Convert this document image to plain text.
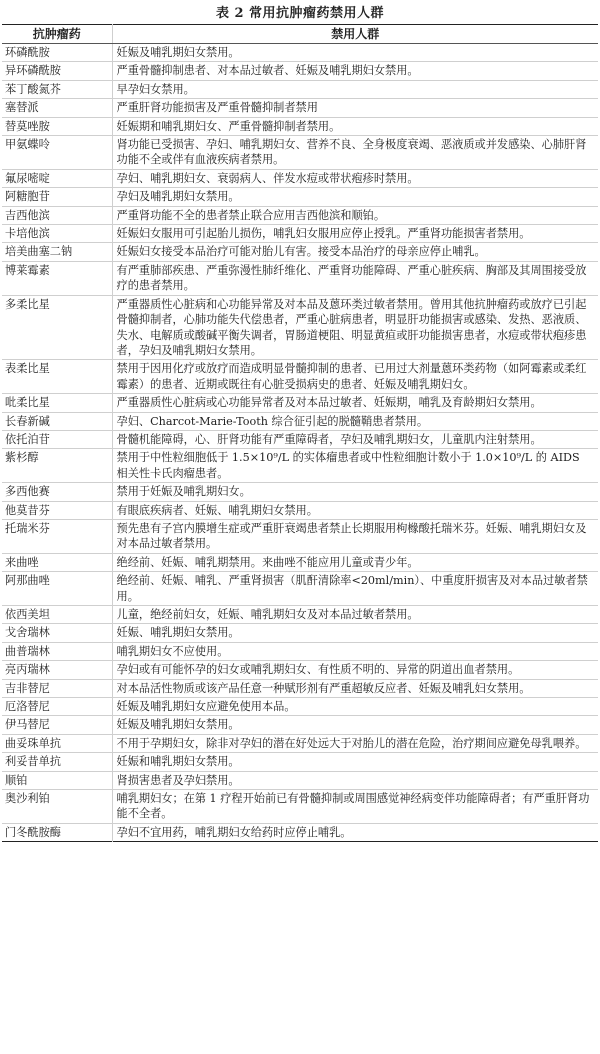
表 2 常用抗肿瘤药禁用人群
抗肿瘤药	禁用人群
环磷酰胺	妊娠及哺乳期妇女禁用。
异环磷酰胺	严重骨髓抑制患者、对本品过敏者、妊娠及哺乳期妇女禁用。
苯丁酸氮芥	早孕妇女禁用。
塞替派	严重肝肾功能损害及严重骨髓抑制者禁用
替莫唑胺	妊娠期和哺乳期妇女、严重骨髓抑制者禁用。
甲氨蝶呤	肾功能已受损害、孕妇、哺乳期妇女、营养不良、全身极度衰竭、恶液质或并发感染、心肺肝肾功能不全或伴有血液疾病者禁用。
氟尿嘧啶	孕妇、哺乳期妇女、衰弱病人、伴发水痘或带状疱疹时禁用。
阿糖胞苷	孕妇及哺乳期妇女禁用。
吉西他滨	严重肾功能不全的患者禁止联合应用吉西他滨和顺铂。
卡培他滨	妊娠妇女服用可引起胎儿损伤，哺乳妇女服用应停止授乳。严重肾功能损害者禁用。
培美曲塞二钠	妊娠妇女接受本品治疗可能对胎儿有害。接受本品治疗的母亲应停止哺乳。
博莱霉素	有严重肺部疾患、严重弥漫性肺纤维化、严重肾功能障碍、严重心脏疾病、胸部及其周围接受放疗的患者禁用。
多柔比星	严重器质性心脏病和心功能异常及对本品及蒽环类过敏者禁用。曾用其他抗肿瘤药或放疗已引起骨髓抑制者，心肺功能失代偿患者，严重心脏病患者，明显肝功能损害或感染、发热、恶液质、失水、电解质或酸碱平衡失调者，胃肠道梗阻、明显黄疸或肝功能损害患者，水痘或带状疱疹患者，孕妇及哺乳期妇女禁用。
表柔比星	禁用于因用化疗或放疗而造成明显骨髓抑制的患者、已用过大剂量蒽环类药物（如阿霉素或柔红霉素）的患者、近期或既往有心脏受损病史的患者、妊娠及哺乳期妇女。
吡柔比星	严重器质性心脏病或心功能异常者及对本品过敏者、妊娠期，哺乳及育龄期妇女禁用。
长春新碱	孕妇、Charcot-Marie-Tooth 综合征引起的脱髓鞘患者禁用。
依托泊苷	骨髓机能障碍，心、肝肾功能有严重障碍者，孕妇及哺乳期妇女，儿童肌内注射禁用。
紫杉醇	禁用于中性粒细胞低于 1.5×10⁹/L 的实体瘤患者或中性粒细胞计数小于 1.0×10⁹/L 的 AIDS 相关性卡氏肉瘤患者。
多西他赛	禁用于妊娠及哺乳期妇女。
他莫昔芬	有眼底疾病者、妊娠、哺乳期妇女禁用。
托瑞米芬	预先患有子宫内膜增生症或严重肝衰竭患者禁止长期服用枸橼酸托瑞米芬。妊娠、哺乳期妇女及对本品过敏者禁用。
来曲唑	绝经前、妊娠、哺乳期禁用。来曲唑不能应用儿童或青少年。
阿那曲唑	绝经前、妊娠、哺乳、严重肾损害（肌酐清除率<20ml/min）、中重度肝损害及对本品过敏者禁用。
依西美坦	儿童，绝经前妇女，妊娠、哺乳期妇女及对本品过敏者禁用。
戈舍瑞林	妊娠、哺乳期妇女禁用。
曲普瑞林	哺乳期妇女不应使用。
亮丙瑞林	孕妇或有可能怀孕的妇女或哺乳期妇女、有性质不明的、异常的阴道出血者禁用。
吉非替尼	对本品活性物质或该产品任意一种赋形剂有严重超敏反应者、妊娠及哺乳妇女禁用。
厄洛替尼	妊娠及哺乳期妇女应避免使用本品。
伊马替尼	妊娠及哺乳期妇女禁用。
曲妥珠单抗	不用于孕期妇女，除非对孕妇的潜在好处远大于对胎儿的潜在危险，治疗期间应避免母乳喂养。
利妥昔单抗	妊娠和哺乳期妇女禁用。
顺铂	肾损害患者及孕妇禁用。
奥沙利铂	哺乳期妇女；在第 1 疗程开始前已有骨髓抑制或周围感觉神经病变伴功能障碍者；有严重肝肾功能不全者。
门冬酰胺酶	孕妇不宜用药，哺乳期妇女给药时应停止哺乳。
